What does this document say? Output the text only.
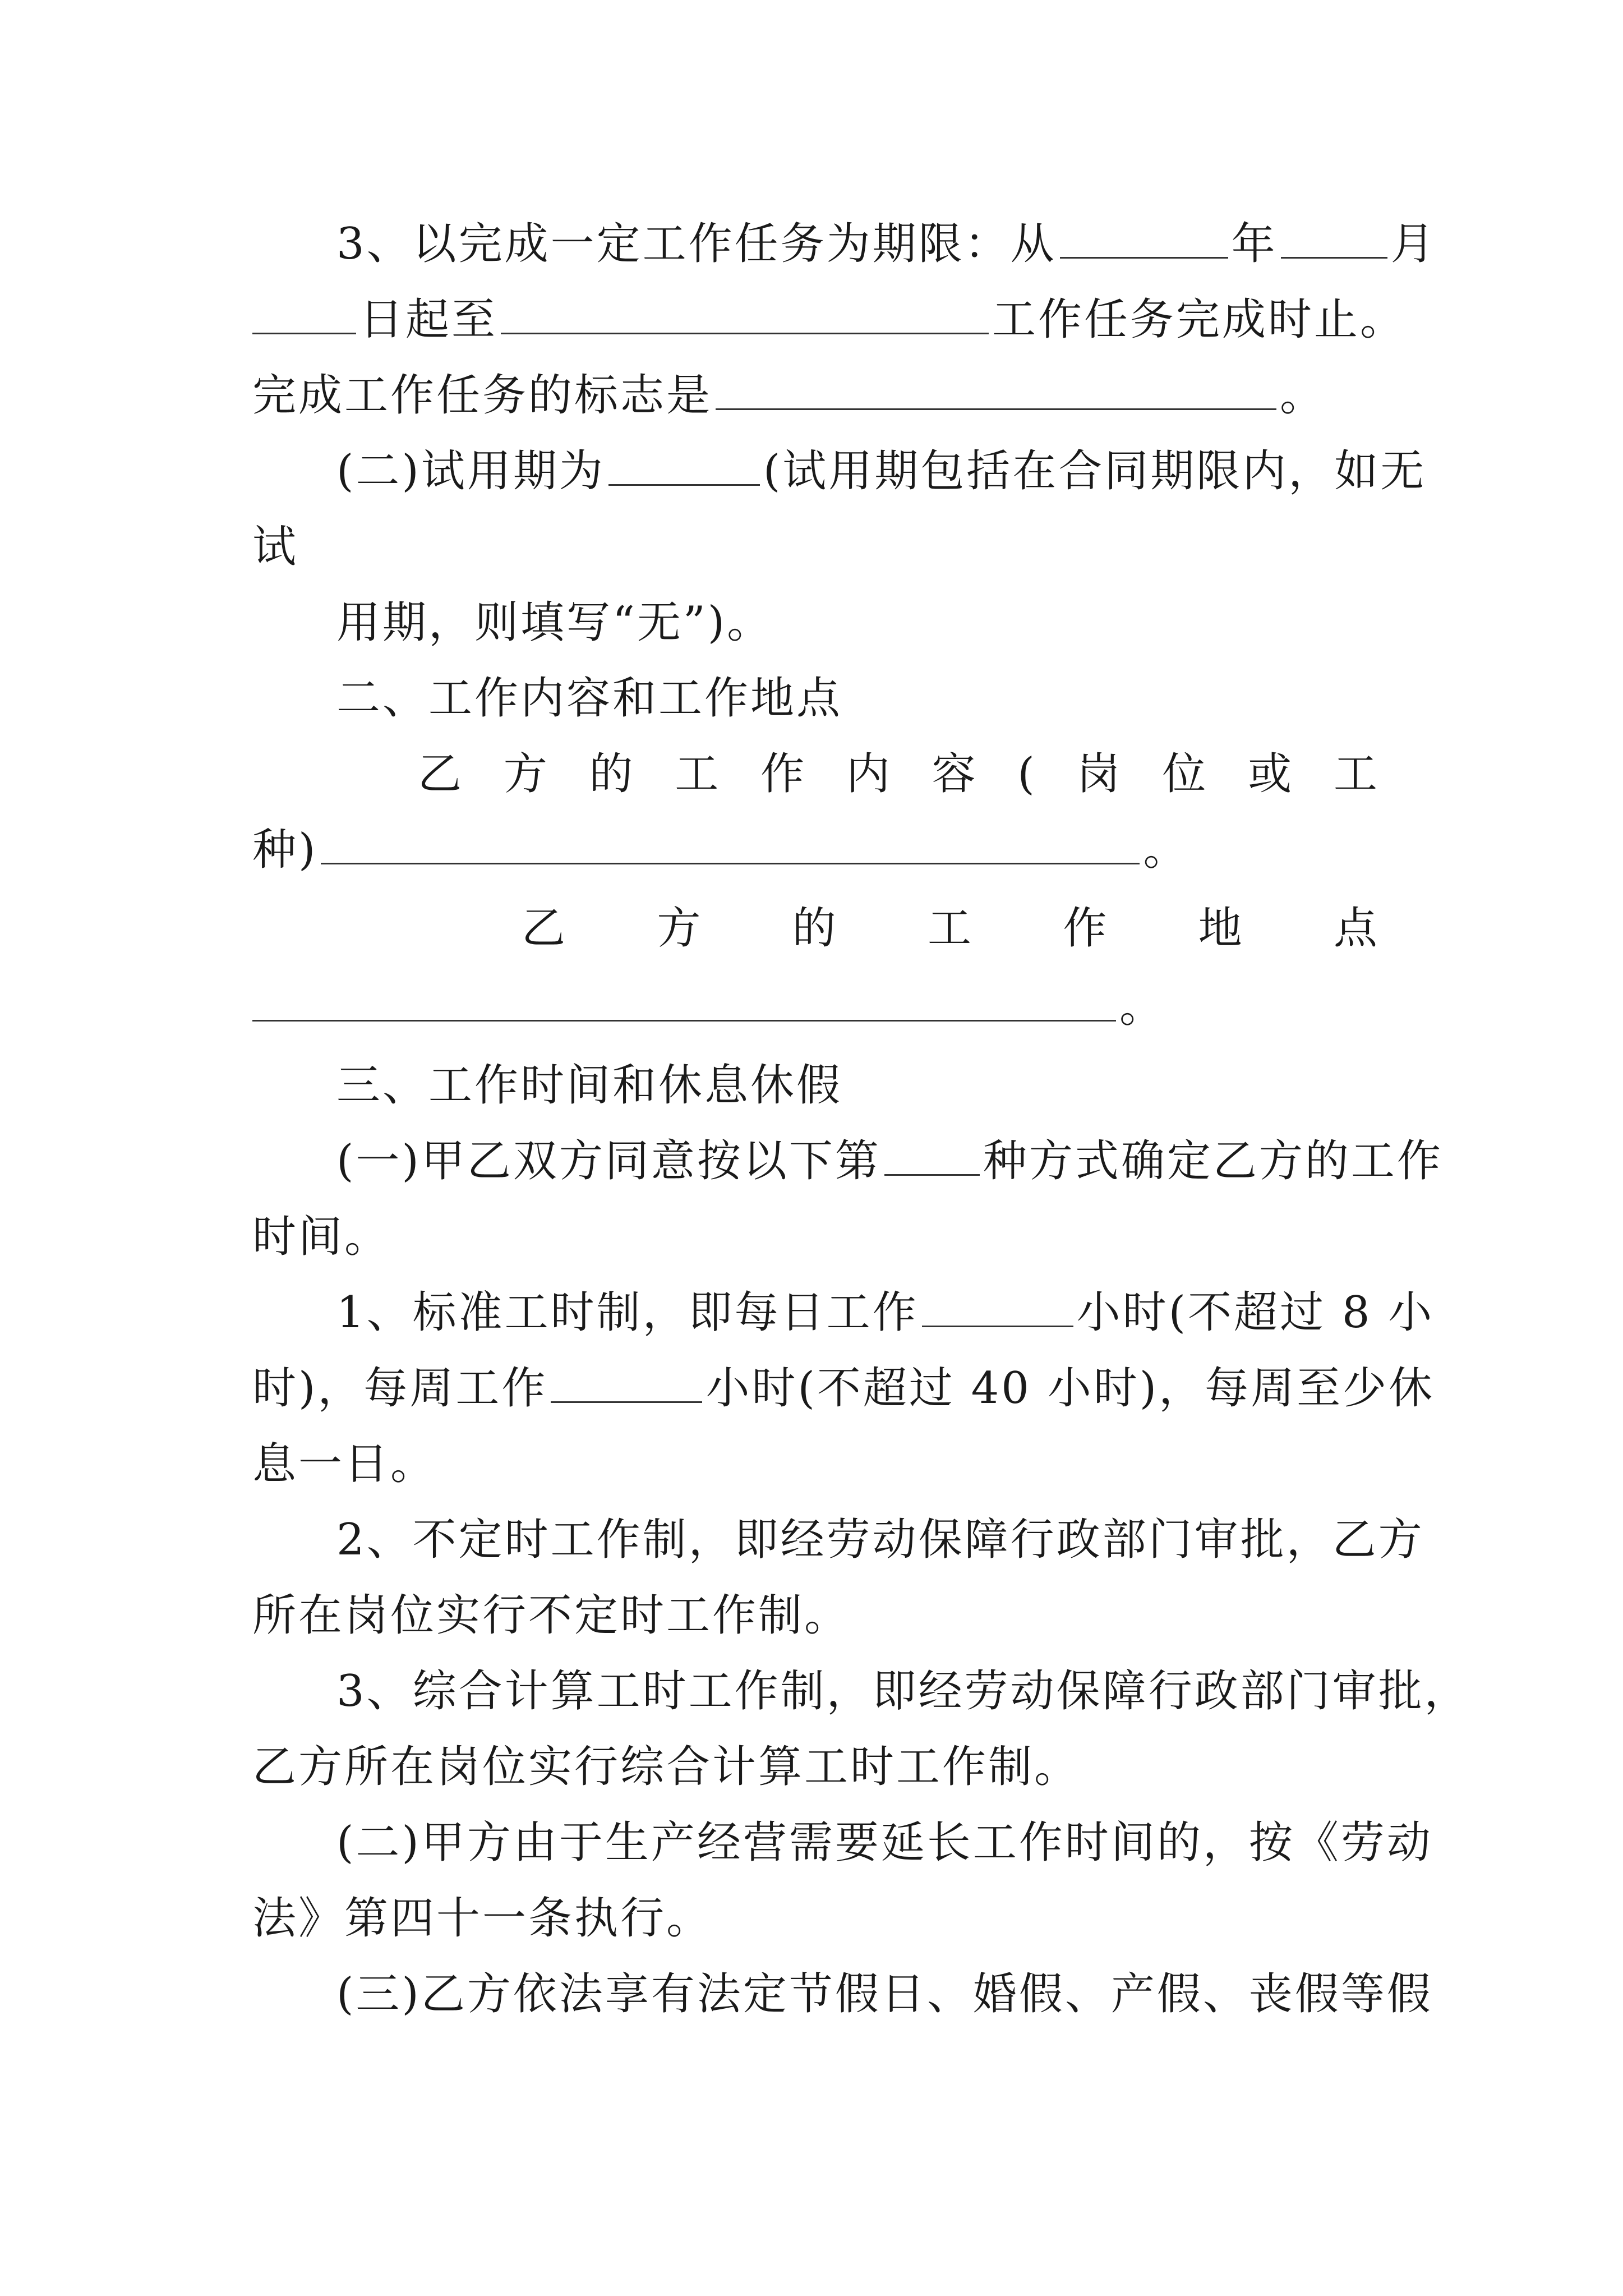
3、以完成一定工作任务为期限：从	年	月
日起至	工作任务完成时止。
完成工作任务的标志是	。
(二)试用期为	(试用期包括在合同期限内，如无
试
用期，则填写“无”)。
二、工作内容和工作地点
乙 方 的 工 作 内 容 ( 岗 位 或 工
种)	。
乙 方 的 工 作 地 点
。
三、工作时间和休息休假
(一)甲乙双方同意按以下第 种方式确定乙方的工作
时间。
1、标准工时制，即每日工作	小时(不超过 8 小
时)，每周工作	小时(不超过 40 小时)，每周至少休
息一日。
2、不定时工作制，即经劳动保障行政部门审批，乙方
所在岗位实行不定时工作制。
3、综合计算工时工作制，即经劳动保障行政部门审批，
乙方所在岗位实行综合计算工时工作制。
(二)甲方由于生产经营需要延长工作时间的，按《劳动
法》第四十一条执行。
(三)乙方依法享有法定节假日、婚假、产假、丧假等假
